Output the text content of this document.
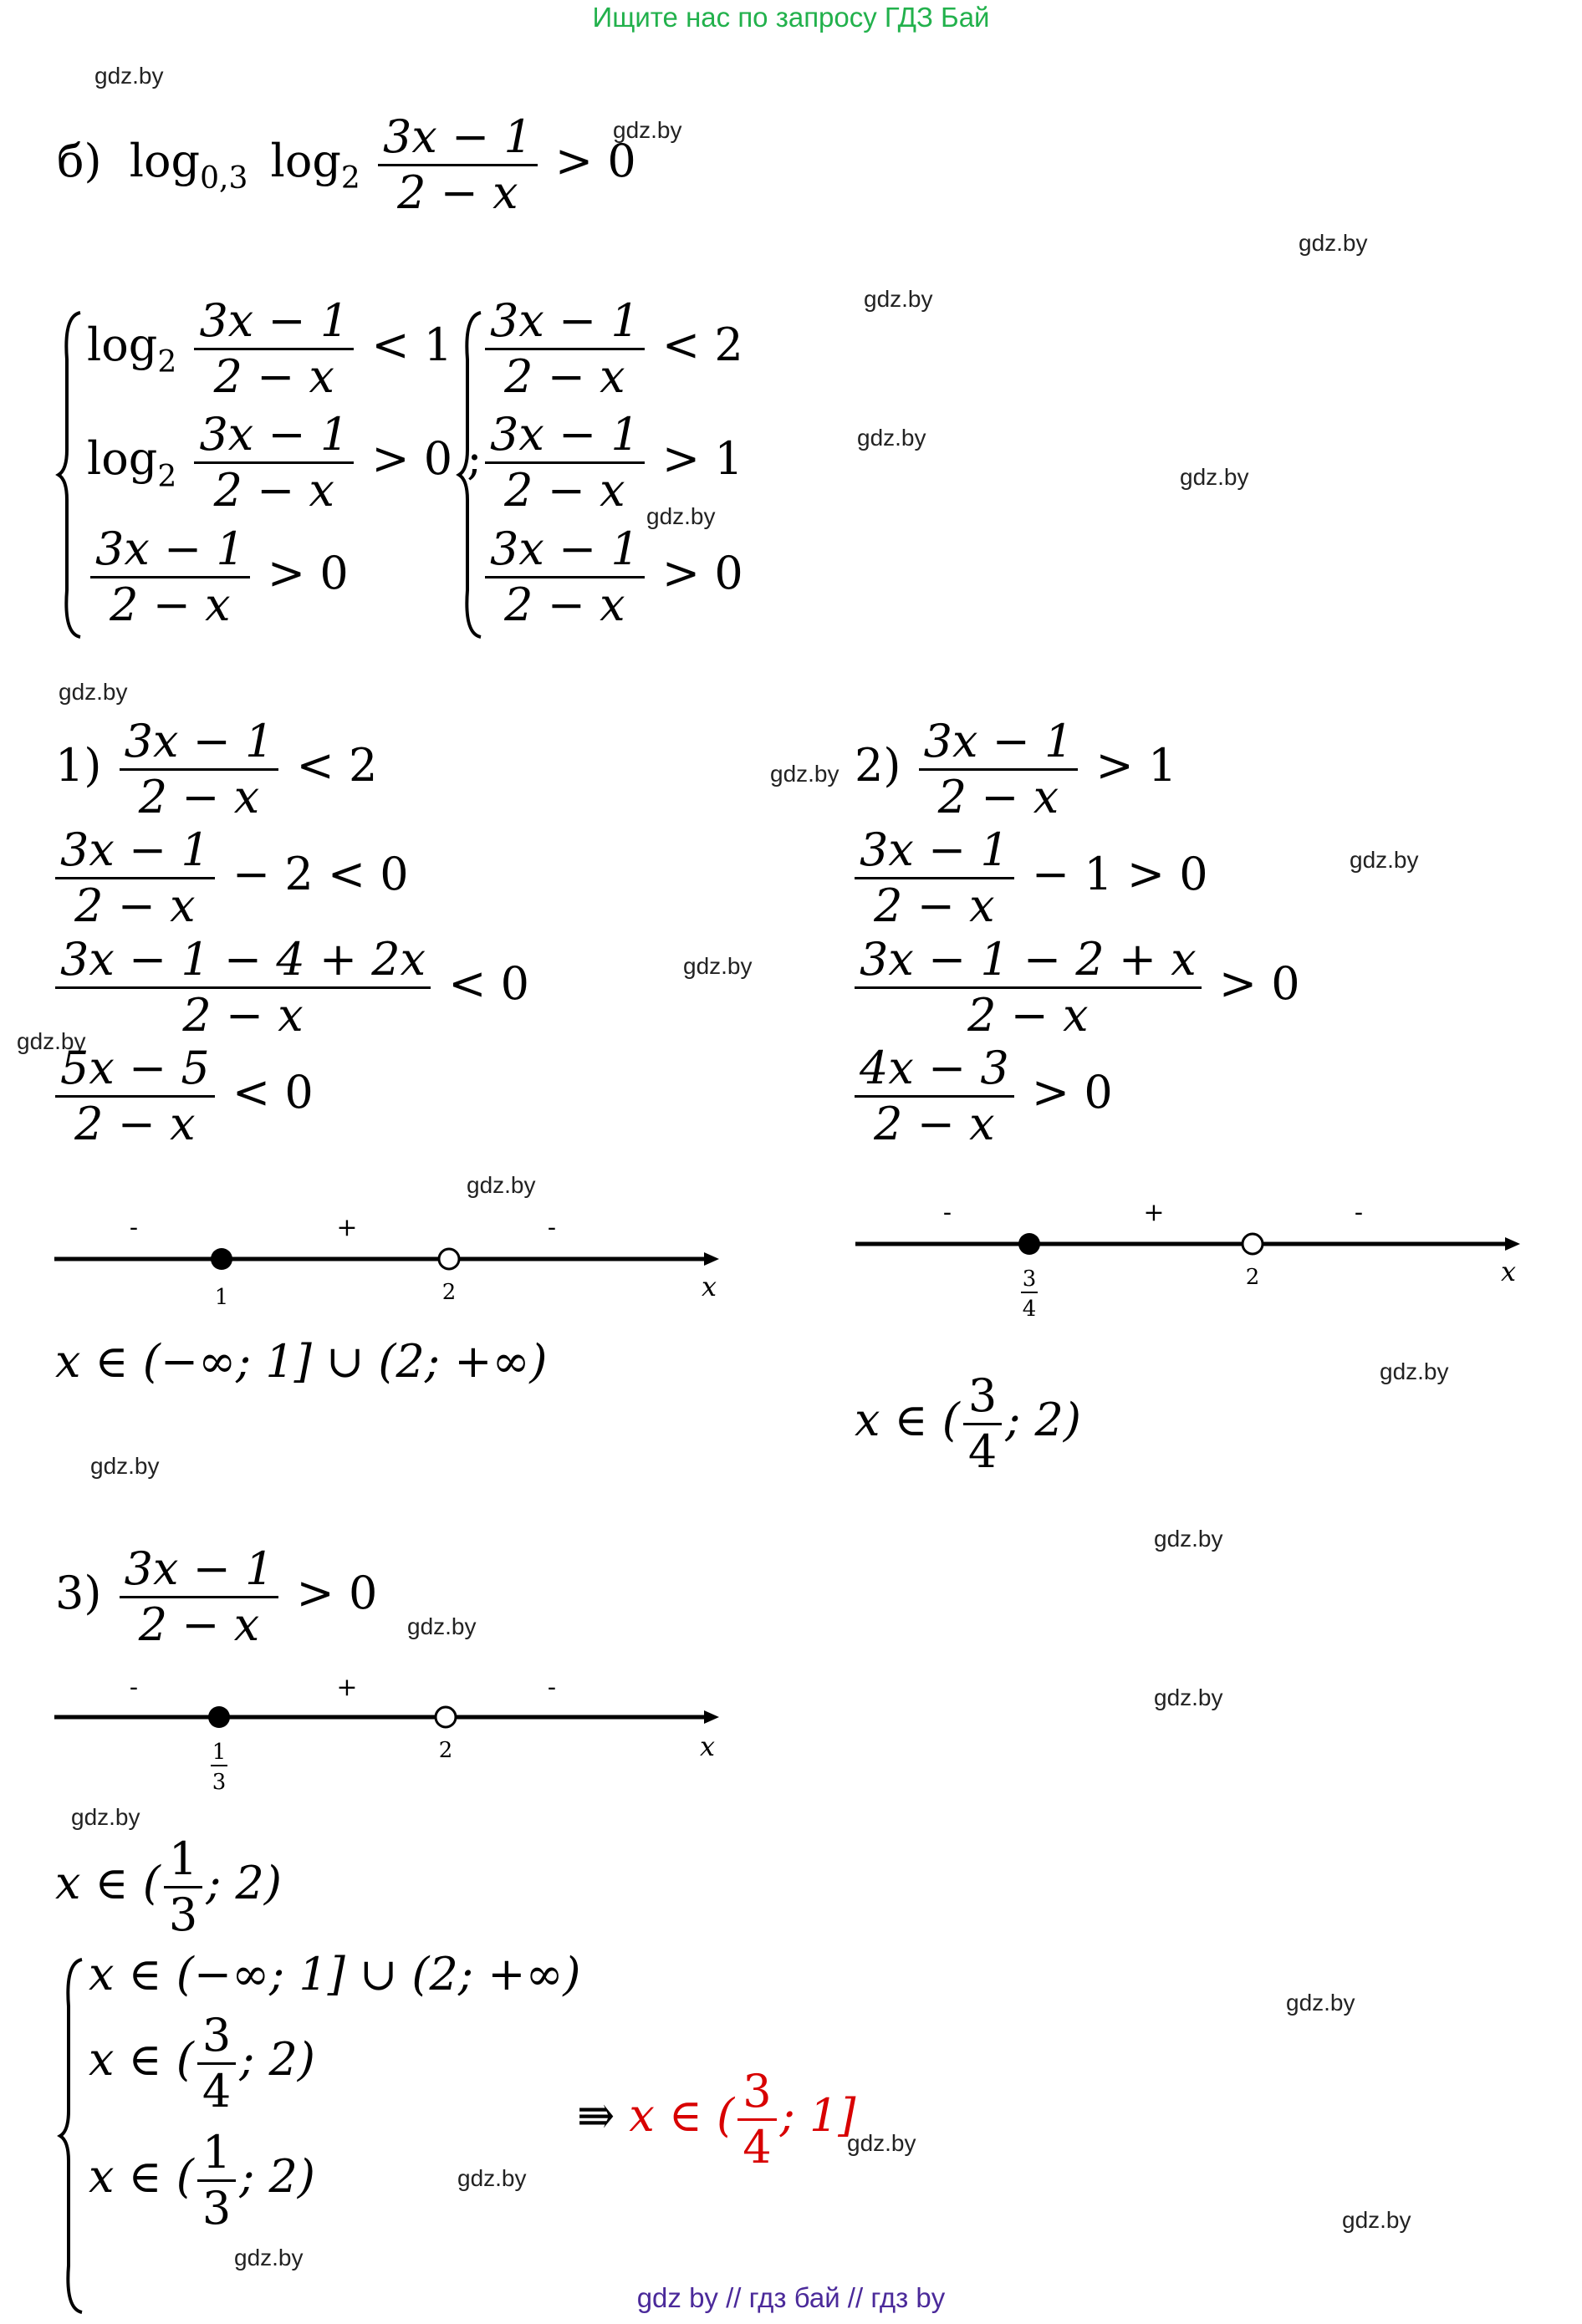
Ищите нас по запросу ГДЗ Бай
gdz.by
gdz.by
gdz.by
gdz.by
gdz.by
gdz.by
gdz.by
gdz.by
gdz.by
gdz.by
gdz.by
gdz.by
gdz.by
gdz.by
gdz.by
gdz.by
gdz.by
gdz.by
gdz.by
gdz.by
gdz.by
gdz.by
gdz.by
gdz.by
б) $\log_{0,3} \log_2 \frac{3x - 1}{2 - x} > 0$
$\log_2 \frac{3x - 1}{2 - x} < 1$
$\log_2 \frac{3x - 1}{2 - x} > 0$ ;
$\frac{3x - 1}{2 - x} > 0$
$\frac{3x - 1}{2 - x} < 2$
$\frac{3x - 1}{2 - x} > 1$
$\frac{3x - 1}{2 - x} > 0$
$1) \frac{3x - 1}{2 - x} < 2$
$\frac{3x - 1}{2 - x} - 2 < 0$
$\frac{3x - 1 - 4 + 2x}{2 - x} < 0$
$\frac{5x - 5}{2 - x} < 0$
-	+	-
1	2	x
x ∈ (−∞; 1] ∪ (2; +∞)
$2) \frac{3x - 1}{2 - x} > 1$
$\frac{3x - 1}{2 - x} - 1 > 0$
$\frac{3x - 1 - 2 + x}{2 - x} > 0$
$\frac{4x - 3}{2 - x} > 0$
-	+	-
3
4
2	x
x ∈ ( $\frac{3}{4}$ ; 2)
$3) \frac{3x - 1}{2 - x} > 0$
-	+	-
1
3
2	x
x ∈ ( $\frac{1}{3}$ ; 2)
x ∈ (−∞; 1] ∪ (2; +∞)
x ∈ ( $\frac{3}{4}$ ; 2)
x ∈ ( $\frac{1}{3}$ ; 2)
⇛ x ∈ ( $\frac{3}{4}$ ; 1]
gdz by // гдз бай // гдз by
